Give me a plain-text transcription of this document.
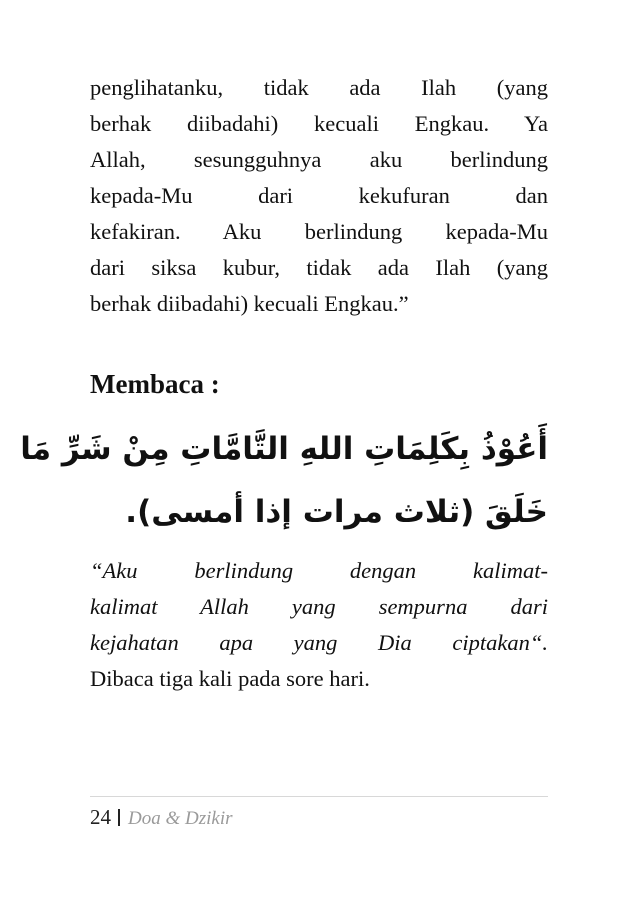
penglihatanku, tidak ada Ilah (yang
berhak diibadahi) kecuali Engkau. Ya
Allah, sesungguhnya aku berlindung
kepada-Mu dari kekufuran dan
kefakiran. Aku berlindung kepada-Mu
dari siksa kubur, tidak ada Ilah (yang
berhak diibadahi) kecuali Engkau.”

Membaca :
أَعُوْذُ بِكَلِمَاتِ اللهِ التَّامَّاتِ مِنْ شَرِّ مَا
خَلَقَ (ثلاث مرات إذا أمسى).
“Aku berlindung dengan kalimat-
kalimat Allah yang sempurna dari
kejahatan apa yang Dia ciptakan“.
Dibaca tiga kali pada sore hari.
24 Doa & Dzikir
